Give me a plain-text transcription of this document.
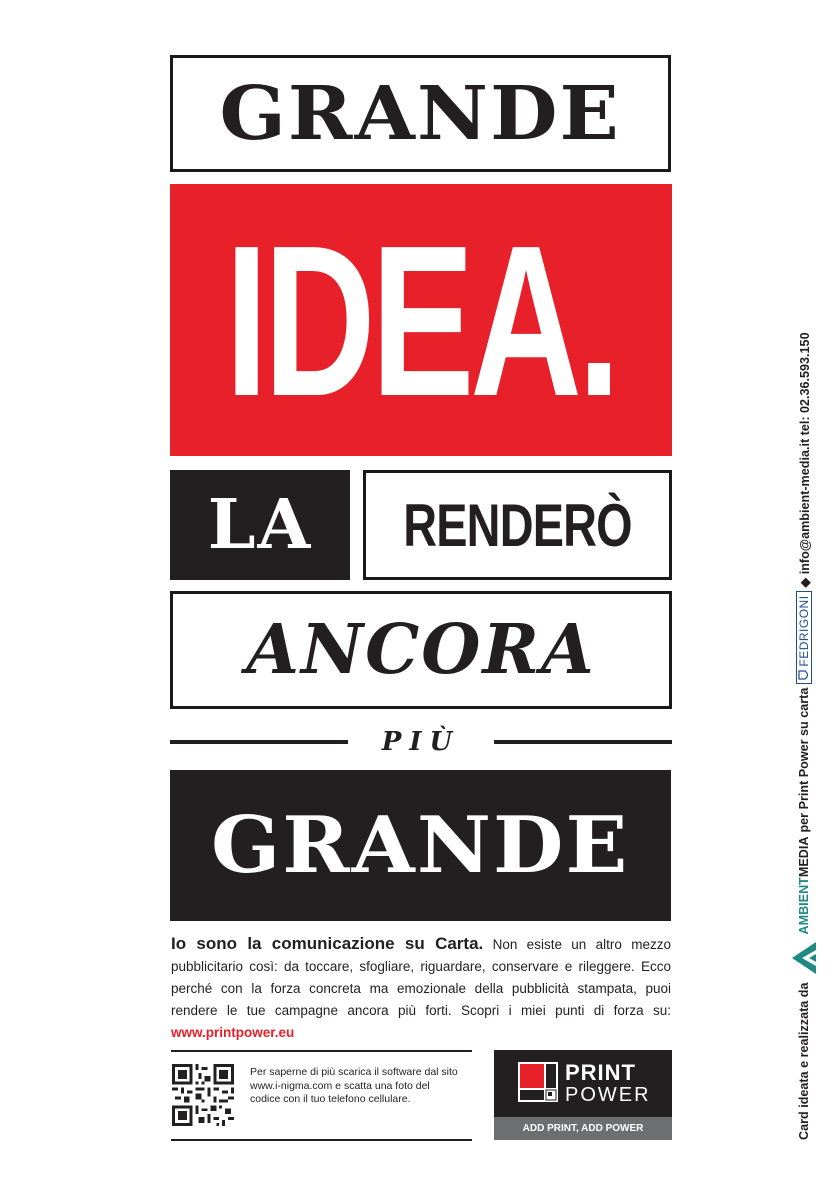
GRANDE
IDEA.
LA RENDERÒ
ANCORA
PIÙ
GRANDE
Io sono la comunicazione su Carta. Non esiste un altro mezzo pubblicitario così: da toccare, sfogliare, riguardare, conservare e rileggere. Ecco perché con la forza concreta ma emozionale della pubblicità stampata, puoi rendere le tue campagne ancora più forti. Scopri i miei punti di forza su: www.printpower.eu
Per saperne di più scarica il software dal sito www.i-nigma.com e scatta una foto del codice con il tuo telefono cellulare.
PRINT
POWER
ADD PRINT, ADD POWER	Card ideata e realizzata da
AMBIENT
MEDIA
per Print Power su carta
FEDRIGONI
◆ info@ambient-media.it tel: 02.36.593.150
